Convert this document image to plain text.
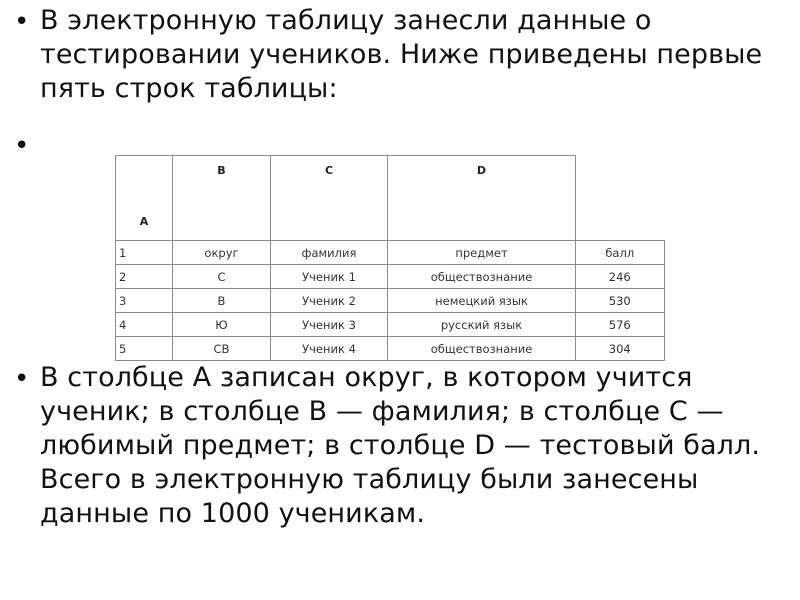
• В электронную таблицу занесли данные о тестировании учеников. Ниже приведены первые пять строк таблицы:
•
A	B	C	D	
1	округ	фамилия	предмет	балл
2	С	Ученик 1	обществознание	246
3	В	Ученик 2	немецкий язык	530
4	Ю	Ученик 3	русский язык	576
5	СВ	Ученик 4	обществознание	304
• В столбце A записан округ, в котором учится ученик; в столбце B — фамилия; в столбце C — любимый предмет; в столбце D — тестовый балл. Всего в электронную таблицу были занесены данные по 1000 ученикам.
